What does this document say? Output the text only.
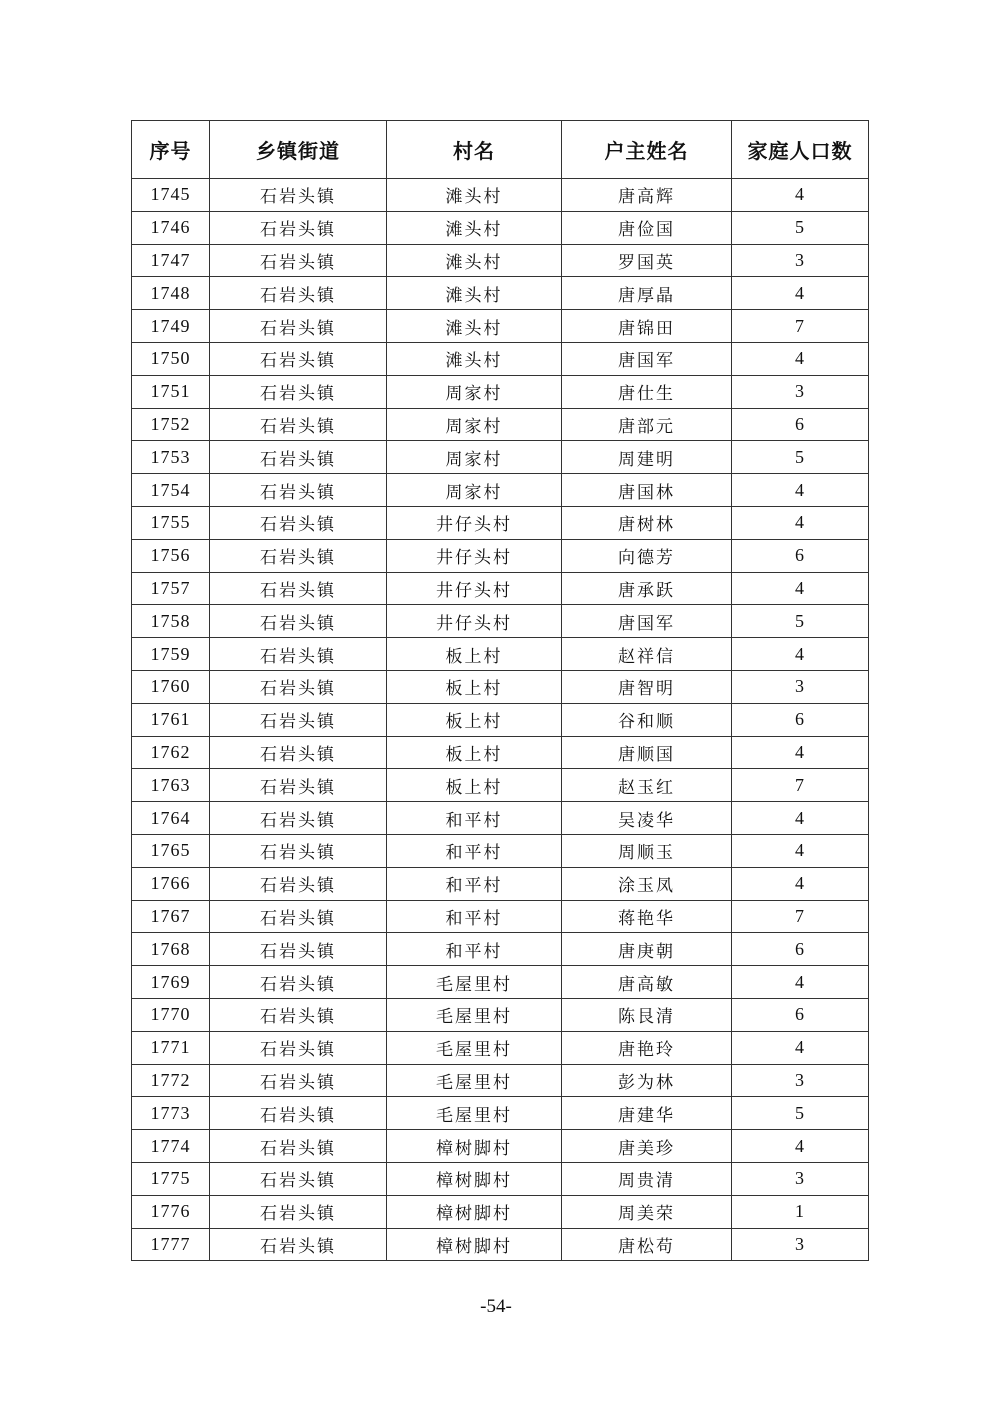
序号	乡镇街道	村名	户主姓名	家庭人口数
1745	石岩头镇	滩头村	唐高辉	4
1746	石岩头镇	滩头村	唐俭国	5
1747	石岩头镇	滩头村	罗国英	3
1748	石岩头镇	滩头村	唐厚晶	4
1749	石岩头镇	滩头村	唐锦田	7
1750	石岩头镇	滩头村	唐国军	4
1751	石岩头镇	周家村	唐仕生	3
1752	石岩头镇	周家村	唐部元	6
1753	石岩头镇	周家村	周建明	5
1754	石岩头镇	周家村	唐国林	4
1755	石岩头镇	井仔头村	唐树林	4
1756	石岩头镇	井仔头村	向德芳	6
1757	石岩头镇	井仔头村	唐承跃	4
1758	石岩头镇	井仔头村	唐国军	5
1759	石岩头镇	板上村	赵祥信	4
1760	石岩头镇	板上村	唐智明	3
1761	石岩头镇	板上村	谷和顺	6
1762	石岩头镇	板上村	唐顺国	4
1763	石岩头镇	板上村	赵玉红	7
1764	石岩头镇	和平村	吴凌华	4
1765	石岩头镇	和平村	周顺玉	4
1766	石岩头镇	和平村	涂玉凤	4
1767	石岩头镇	和平村	蒋艳华	7
1768	石岩头镇	和平村	唐庚朝	6
1769	石岩头镇	毛屋里村	唐高敏	4
1770	石岩头镇	毛屋里村	陈艮清	6
1771	石岩头镇	毛屋里村	唐艳玲	4
1772	石岩头镇	毛屋里村	彭为林	3
1773	石岩头镇	毛屋里村	唐建华	5
1774	石岩头镇	樟树脚村	唐美珍	4
1775	石岩头镇	樟树脚村	周贵清	3
1776	石岩头镇	樟树脚村	周美荣	1
1777	石岩头镇	樟树脚村	唐松苟	3
-54-
